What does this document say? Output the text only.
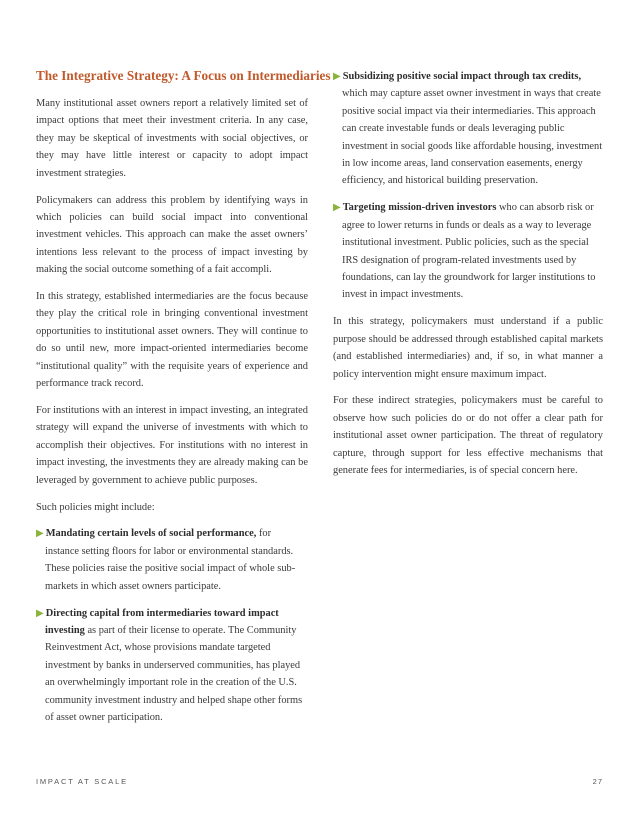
The Integrative Strategy: A Focus on Intermediaries

Many institutional asset owners report a relatively limited set of impact options that meet their investment criteria. In any case, they may be skeptical of investments with social objectives, or they may have little interest or capacity to adopt impact investment strategies.

Policymakers can address this problem by identifying ways in which policies can build social impact into conventional investment vehicles. This approach can make the asset owners’ intentions less relevant to the process of impact investing by making the social outcome something of a fait accompli.

In this strategy, established intermediaries are the focus because they play the critical role in bringing conventional investment opportunities to institutional asset owners. They will continue to do so until new, more impact-oriented intermediaries become “institutional quality” with the requisite years of experience and performance track record.

For institutions with an interest in impact investing, an integrated strategy will expand the universe of investments with which to accomplish their objectives. For institutions with no interest in impact investing, the investments they are already making can be leveraged by government to achieve public purposes.

Such policies might include:

▶ Mandating certain levels of social performance, for
instance setting floors for labor or environmental standards. These policies raise the positive social impact of whole sub-markets in which asset owners participate.
▶ Directing capital from intermediaries toward impact
investing as part of their license to operate. The Community Reinvestment Act, whose provisions mandate targeted investment by banks in underserved communities, has played an overwhelmingly important role in the creation of the U.S. community investment industry and helped shape other forms of asset owner participation.
▶ Subsidizing positive social impact through tax credits,
which may capture asset owner investment in ways that create positive social impact via their intermediaries. This approach can create investable funds or deals leveraging public investment in social goods like affordable housing, investment in low income areas, land conservation easements, energy efficiency, and historical building preservation.
▶ Targeting mission-driven investors who can absorb risk or
agree to lower returns in funds or deals as a way to leverage institutional investment. Public policies, such as the special IRS designation of program-related investments used by foundations, can lay the groundwork for larger institutions to invest in impact investments.

In this strategy, policymakers must understand if a public purpose should be addressed through established capital markets (and established intermediaries) and, if so, in what manner a policy intervention might ensure maximum impact.

For these indirect strategies, policymakers must be careful to observe how such policies do or do not offer a clear path for institutional asset owner participation. The threat of regulatory capture, through support for less effective mechanisms that generate fees for intermediaries, is of special concern here.

IMPACT AT SCALE	27
